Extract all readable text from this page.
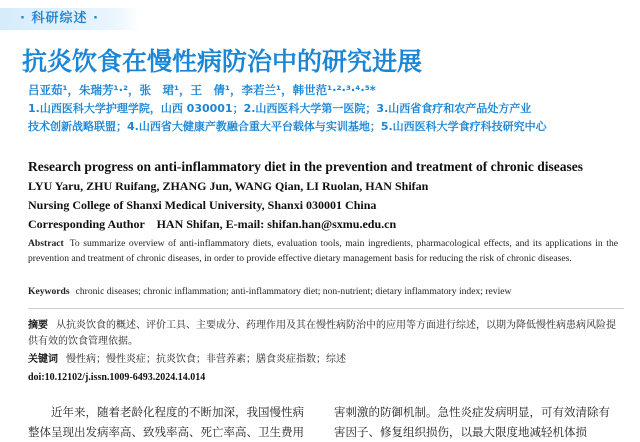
· 科研综述 ·
抗炎饮食在慢性病防治中的研究进展
吕亚茹¹，朱瑞芳¹·²，张　珺¹，王　倩¹，李若兰¹，韩世范¹·²·³·⁴·⁵*
1.山西医科大学护理学院，山西 030001；2.山西医科大学第一医院；3.山西省食疗和农产品处方产业
技术创新战略联盟；4.山西省大健康产教融合重大平台载体与实训基地；5.山西医科大学食疗科技研究中心
Research progress on anti-inflammatory diet in the prevention and treatment of chronic diseases
LYU Yaru, ZHU Ruifang, ZHANG Jun, WANG Qian, LI Ruolan, HAN Shifan
Nursing College of Shanxi Medical University, Shanxi 030001 China
Corresponding Author　HAN Shifan, E-mail: shifan.han@sxmu.edu.cn
Abstract To summarize overview of anti-inflammatory diets, evaluation tools, main ingredients, pharmacological effects, and its applications in the prevention and treatment of chronic diseases, in order to provide effective dietary management basis for reducing the risk of chronic diseases.
Keywords chronic diseases; chronic inflammation; anti-inflammatory diet; non-nutrient; dietary inflammatory index; review
摘要 从抗炎饮食的概述、评价工具、主要成分、药理作用及其在慢性病防治中的应用等方面进行综述，以期为降低慢性病患病风险提供有效的饮食管理依据。
关键词 慢性病；慢性炎症；抗炎饮食；非营养素；膳食炎症指数；综述
doi:10.12102/j.issn.1009-6493.2024.14.014
近年来，随着老龄化程度的不断加深，我国慢性病整体呈现出发病率高、致残率高、死亡率高、卫生费用
害刺激的防御机制。急性炎症发病明显，可有效清除有害因子、修复组织损伤，以最大限度地减轻机体损
